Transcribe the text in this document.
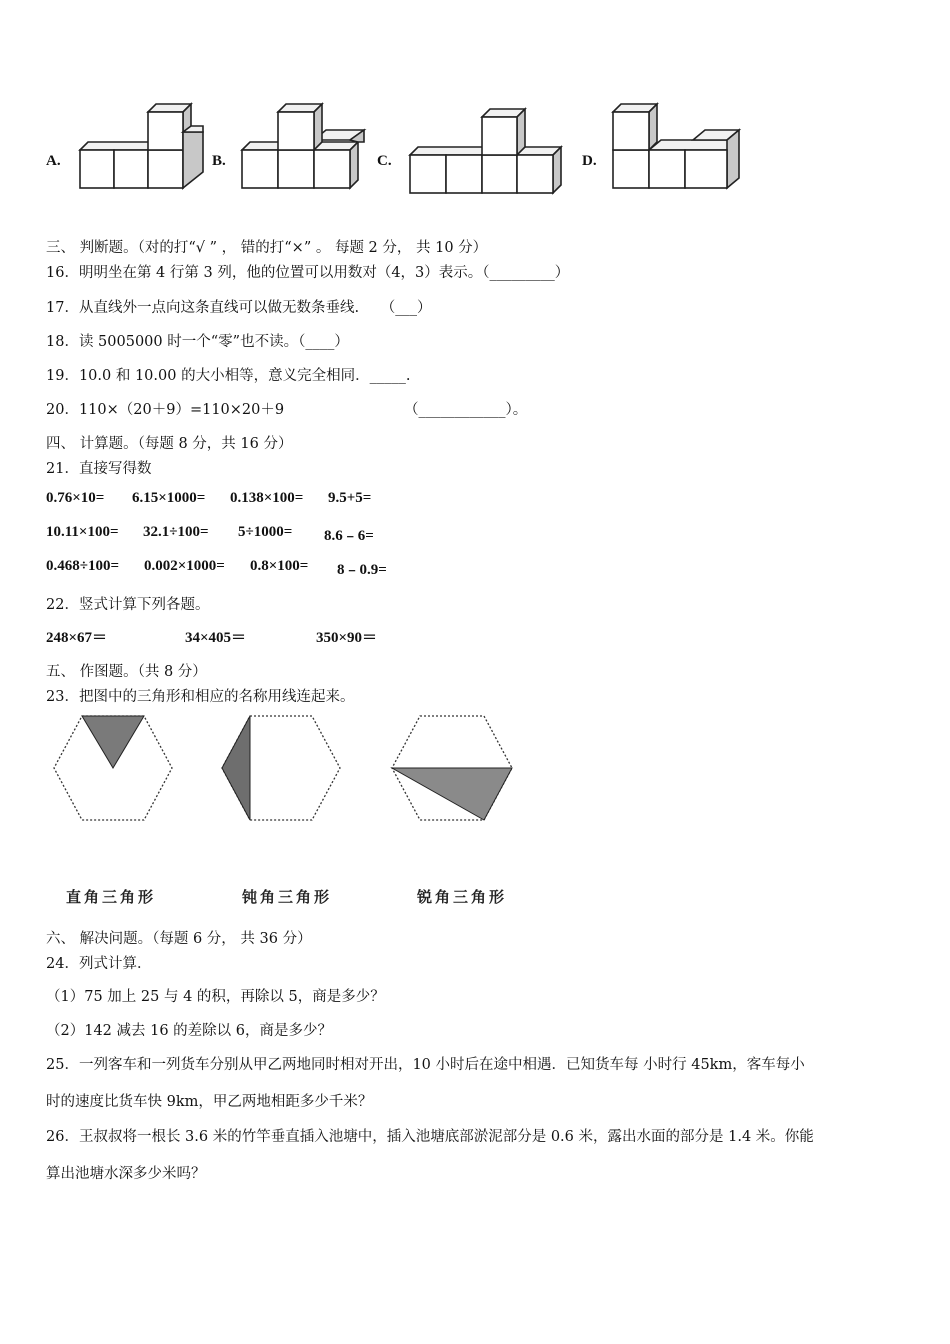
A.	B.	C.	D.
三、 判断题。（对的打“√ ” ， 错的打“×” 。 每题 2 分， 共 10 分）
16．明明坐在第 4 行第 3 列，他的位置可以用数对（4，3）表示。（_________）
17．从直线外一点向这条直线可以做无数条垂线.　　（___）
18．读 5005000 时一个“零”也不读。（____）
19．10.0 和 10.00 的大小相等，意义完全相同．_____.
20．110×（20＋9）=110×20＋9	（____________）。
四、 计算题。（每题 8 分，共 16 分）
21．直接写得数
0.76×10= 6.15×1000= 0.138×100= 9.5+5=
10.11×100= 32.1÷100= 5÷1000= 8.6﹣6=
0.468÷100= 0.002×1000= 0.8×100= 8﹣0.9=
22．竖式计算下列各题。
248×67＝	34×405＝	350×90＝
五、 作图题。（共 8 分）
23．把图中的三角形和相应的名称用线连起来。
直角三角形	钝角三角形	锐角三角形
六、 解决问题。（每题 6 分， 共 36 分）
24．列式计算．
（1）75 加上 25 与 4 的积，再除以 5，商是多少？
（2）142 减去 16 的差除以 6，商是多少？
25．一列客车和一列货车分别从甲乙两地同时相对开出，10 小时后在途中相遇．已知货车每 小时行 45km，客车每小
时的速度比货车快 9km，甲乙两地相距多少千米？
26．王叔叔将一根长 3.6 米的竹竿垂直插入池塘中，插入池塘底部淤泥部分是 0.6 米，露出水面的部分是 1.4 米。你能
算出池塘水深多少米吗？
